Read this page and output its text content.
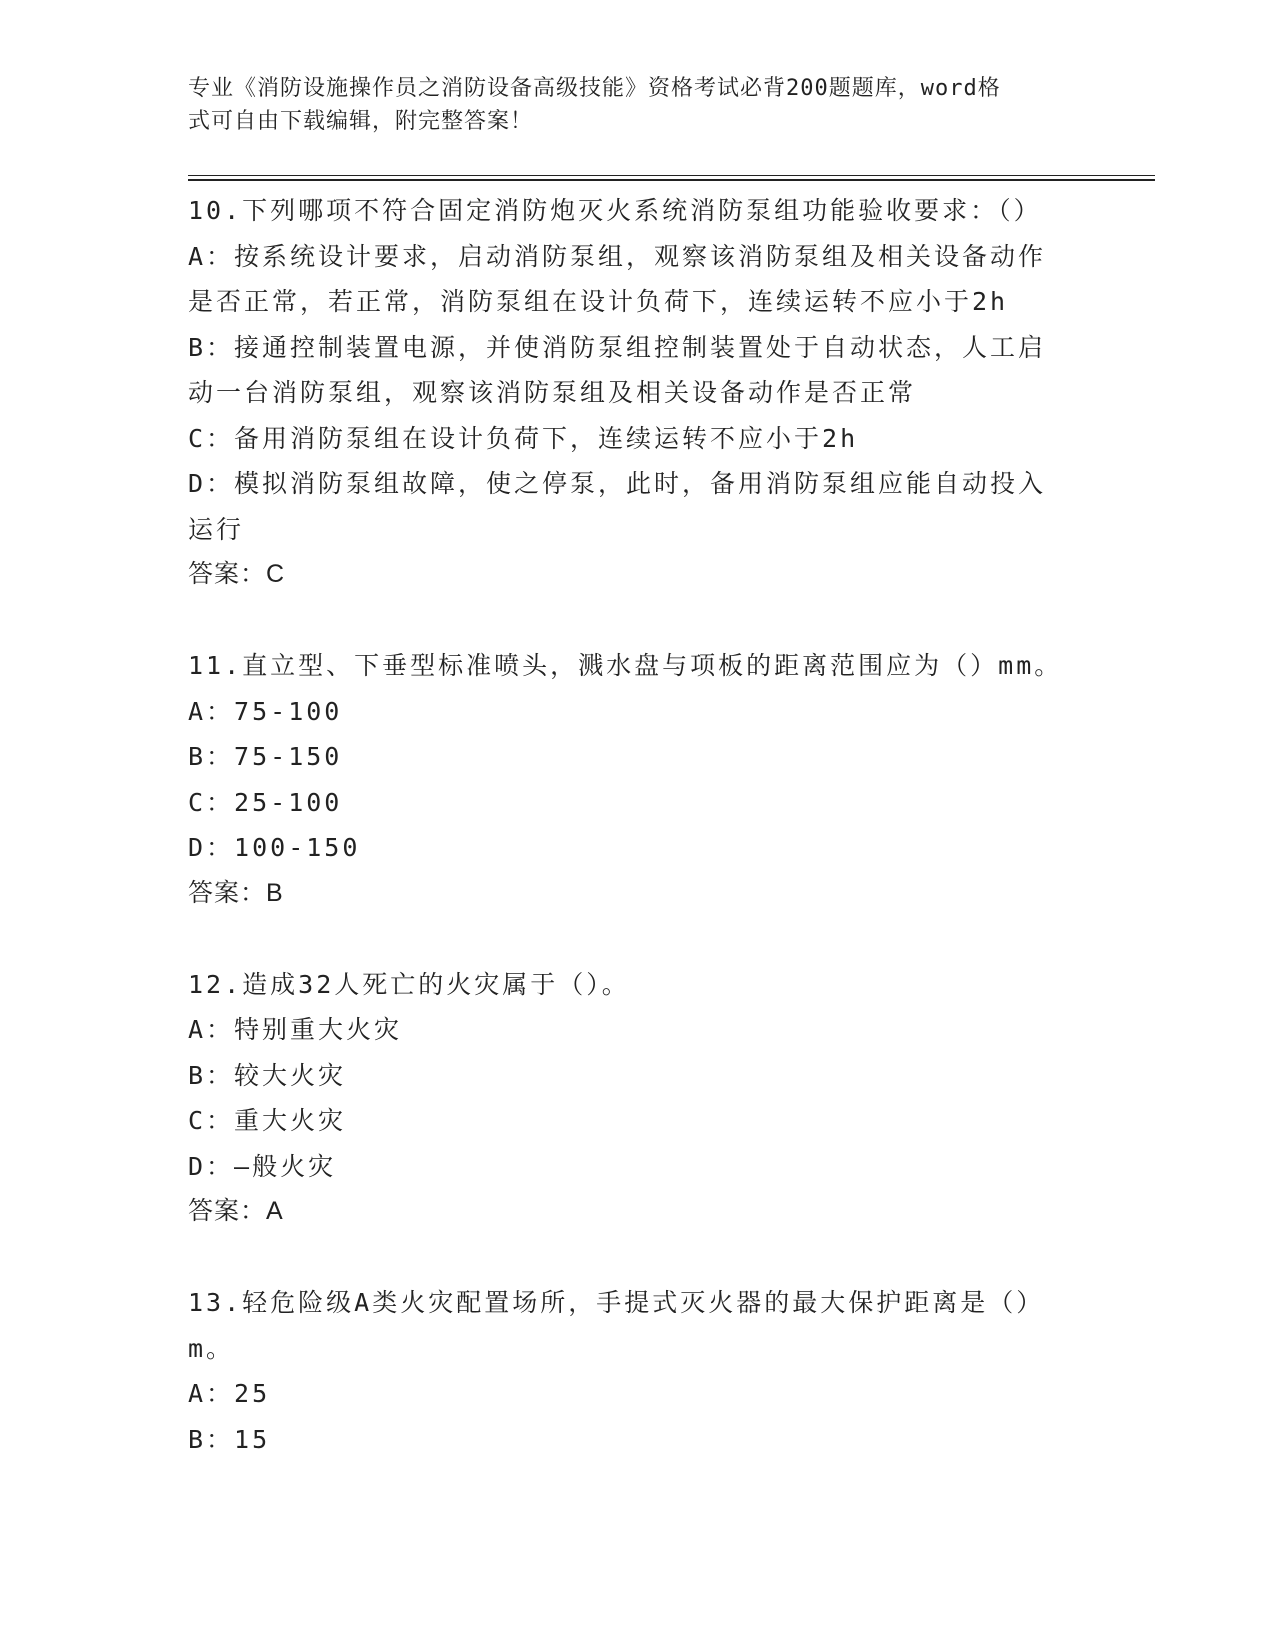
专业《消防设施操作员之消防设备高级技能》资格考试必背200题题库，word格
式可自由下载编辑，附完整答案！
10.下列哪项不符合固定消防炮灭火系统消防泵组功能验收要求：（）
A：按系统设计要求，启动消防泵组，观察该消防泵组及相关设备动作
是否正常，若正常，消防泵组在设计负荷下，连续运转不应小于2h
B：接通控制装置电源，并使消防泵组控制装置处于自动状态，人工启
动一台消防泵组，观察该消防泵组及相关设备动作是否正常
C：备用消防泵组在设计负荷下，连续运转不应小于2h
D：模拟消防泵组故障，使之停泵，此时，备用消防泵组应能自动投入
运行
答案：C
11.直立型、下垂型标准喷头，溅水盘与项板的距离范围应为（）mm。
A：75-100
B：75-150
C：25-100
D：100-150
答案：B
12.造成32人死亡的火灾属于（）。
A：特别重大火灾
B：较大火灾
C：重大火灾
D：—般火灾
答案：A
13.轻危险级A类火灾配置场所，手提式灭火器的最大保护距离是（）
m。
A：25
B：15
